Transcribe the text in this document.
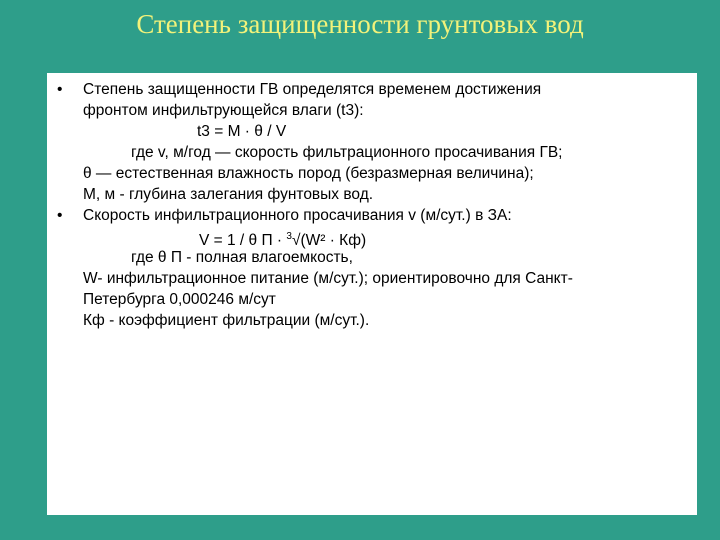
Степень защищенности грунтовых вод
• Степень защищенности ГВ определятся временем достижения
фронтом инфильтрующейся влаги (t3):
t3 = M · θ / V
где v, м/год — скорость фильтрационного просачивания ГВ;
θ — естественная влажность пород (безразмерная величина);
M, м - глубина залегания фунтовых вод.
• Скорость инфильтрационного просачивания v (м/сут.) в ЗА:
V = 1 / θ П · $^3$√(W² · Кф)
где θ П - полная влагоемкость,
W- инфильтрационное питание (м/сут.); ориентировочно для Санкт-
Петербурга 0,000246 м/сут
Кф - коэффициент фильтрации (м/сут.).
